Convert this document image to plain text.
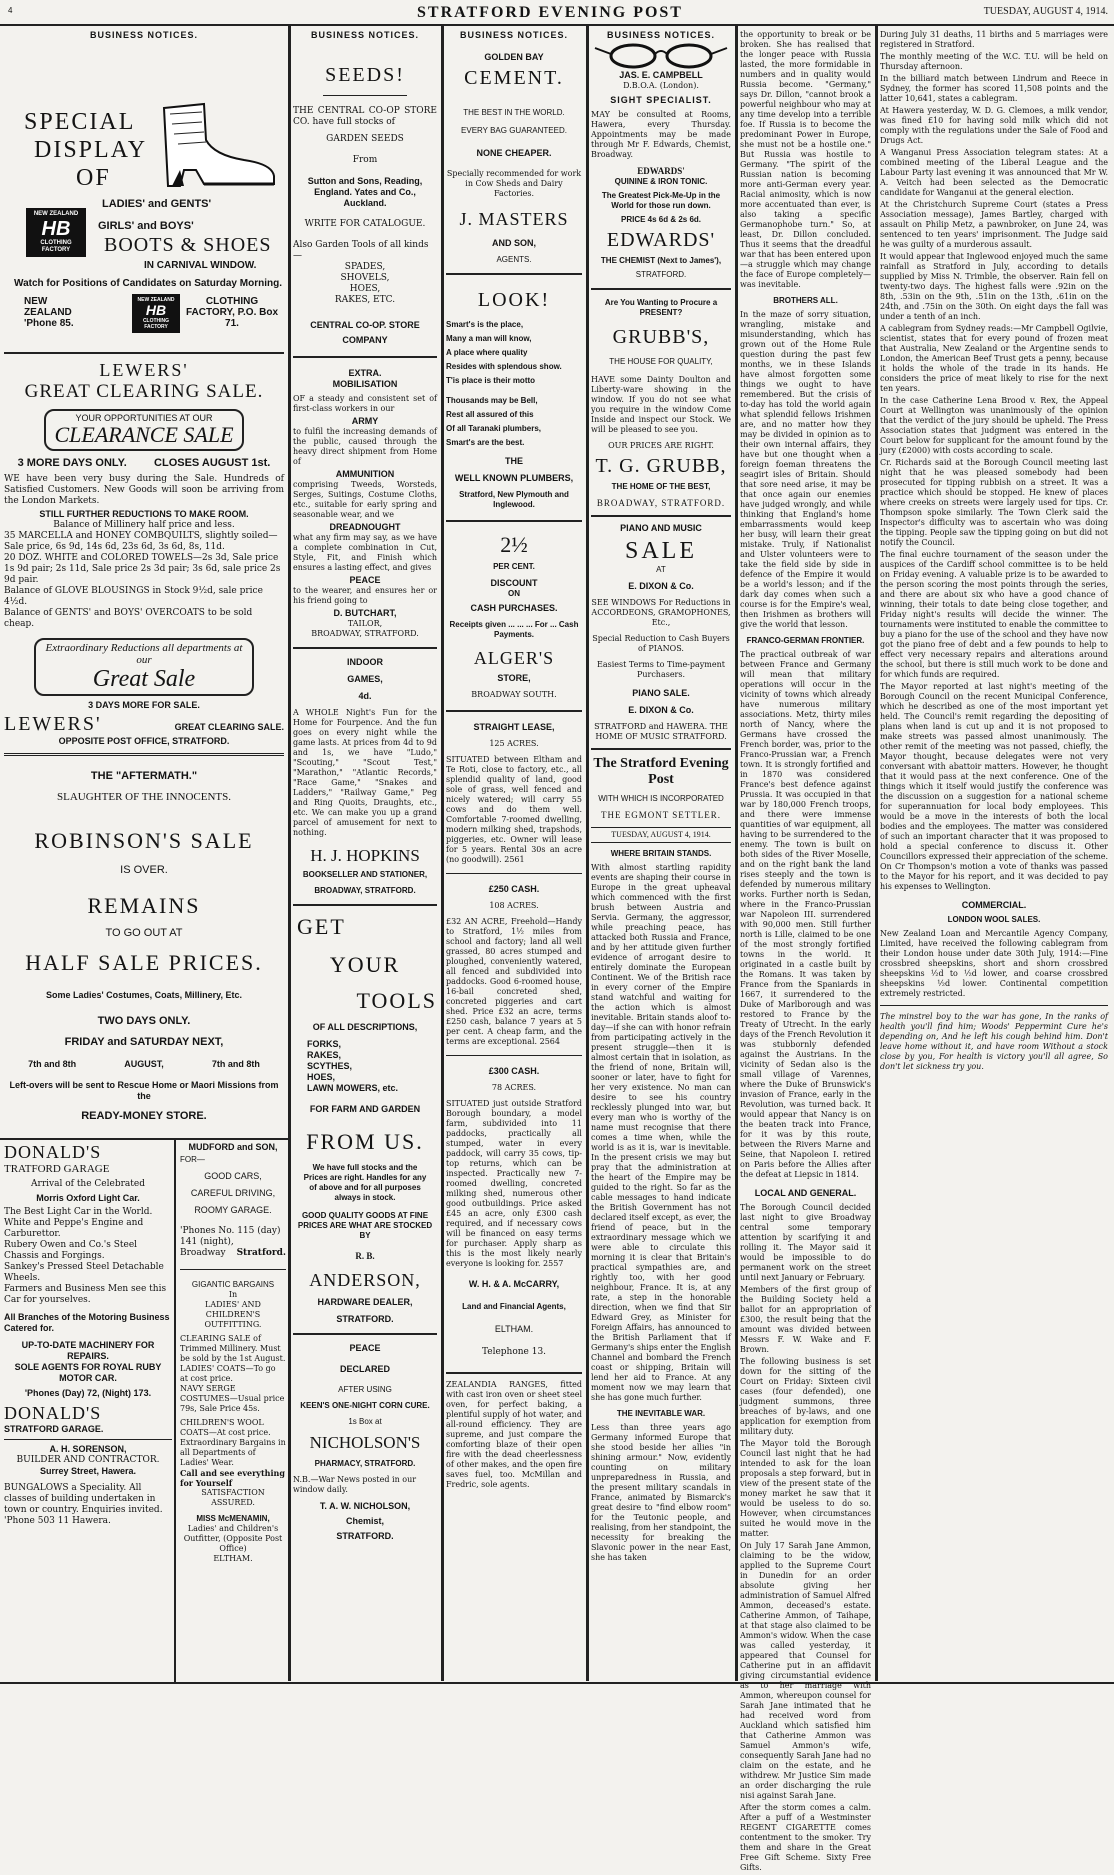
4	STRATFORD EVENING POST	TUESDAY, AUGUST 4, 1914.
BUSINESS NOTICES.
SPECIAL
DISPLAY
OF
LADIES' and GENTS'
NEW ZEALAND
HB
CLOTHING FACTORY
GIRLS' and BOYS'
BOOTS & SHOES
IN CARNIVAL WINDOW.
Watch for Positions of Candidates on Saturday Morning.
NEW ZEALAND 'Phone 85.
NEW ZEALAND
HB
CLOTHING FACTORY
CLOTHING FACTORY, P.O. Box 71.
LEWERS'
GREAT CLEARING SALE.
YOUR OPPORTUNITIES AT OUR
CLEARANCE SALE
3 MORE DAYS ONLY. CLOSES AUGUST 1st.

WE have been very busy during the Sale. Hundreds of Satisfied Customers. New Goods will soon be arriving from the London Markets.

STILL FURTHER REDUCTIONS TO MAKE ROOM.
Balance of Millinery half price and less.
35 MARCELLA and HONEY COMBQUILTS, slightly soiled—Sale price, 6s 9d, 14s 6d, 23s 6d, 3s 6d, 8s, 11d.
20 DOZ. WHITE and COLORED TOWELS—2s 3d, Sale price 1s 9d pair; 2s 11d, Sale price 2s 3d pair; 3s 6d, sale price 2s 9d pair.
Balance of GLOVE BLOUSINGS in Stock 9½d, sale price 4½d.
Balance of GENTS' and BOYS' OVERCOATS to be sold cheap.
Extraordinary Reductions all departments at our
Great Sale
3 DAYS MORE FOR SALE.
LEWERS'	GREAT CLEARING SALE.
OPPOSITE POST OFFICE, STRATFORD.
THE "AFTERMATH."
SLAUGHTER OF THE INNOCENTS.
ROBINSON'S SALE
IS OVER.
REMAINS
TO GO OUT AT
HALF SALE PRICES.
Some Ladies' Costumes, Coats, Millinery, Etc.
TWO DAYS ONLY.
FRIDAY and SATURDAY NEXT,
7th and 8th	AUGUST,	7th and 8th
Left-overs will be sent to Rescue Home or Maori Missions from the
READY-MONEY STORE.
DONALD'S
TRATFORD GARAGE
Arrival of the Celebrated
Morris Oxford Light Car.
The Best Light Car in the World.
White and Peppe's Engine and Carburettor.
Rubery Owen and Co.'s Steel Chassis and Forgings.
Sankey's Pressed Steel Detachable Wheels.
Farmers and Business Men see this Car for yourselves.
All Branches of the Motoring Business Catered for.
UP-TO-DATE MACHINERY FOR REPAIRS.
SOLE AGENTS FOR ROYAL RUBY MOTOR CAR.
'Phones (Day) 72, (Night) 173.
DONALD'S
STRATFORD GARAGE.
A. H. SORENSON,
BUILDER AND CONTRACTOR.
Surrey Street, Hawera.
BUNGALOWS a Speciality. All classes of building undertaken in town or country. Enquiries invited. 'Phone 503 11 Hawera.
MUDFORD and SON,
FOR—
GOOD CARS,
CAREFUL DRIVING,
ROOMY GARAGE.
'Phones No. 115 (day) 141 (night),
Broadway Stratford.
GIGANTIC BARGAINS
In
LADIES' AND CHILDREN'S OUTFITTING.
CLEARING SALE of Trimmed Millinery. Must be sold by the 1st August.
LADIES' COATS—To go at cost price.
NAVY SERGE COSTUMES—Usual price 79s, Sale Price 45s.
CHILDREN'S WOOL COATS—At cost price.
Extraordinary Bargains in all Departments of Ladies' Wear.
Call and see everything for Yourself
SATISFACTION ASSURED.
MISS McMENAMIN,
Ladies' and Children's Outfitter, (Opposite Post Office)
ELTHAM.
BUSINESS NOTICES.
SEEDS!

THE CENTRAL CO-OP STORE CO. have full stocks of

GARDEN SEEDS
From
Sutton and Sons, Reading, England. Yates and Co., Auckland.
WRITE FOR CATALOGUE.
Also Garden Tools of all kinds—
SPADES,
SHOVELS,
HOES,
RAKES, ETC.
CENTRAL CO-OP. STORE
COMPANY
EXTRA.
MOBILISATION

OF a steady and consistent set of first-class workers in our

ARMY

to fulfil the increasing demands of the public, caused through the heavy direct shipment from Home of

AMMUNITION

comprising Tweeds, Worsteds, Serges, Suitings, Costume Cloths, etc., suitable for early spring and seasonable wear, and we

DREADNOUGHT

what any firm may say, as we have a complete combination in Cut, Style, Fit, and Finish which ensures a lasting effect, and gives

PEACE

to the wearer, and ensures her or his friend going to

D. BUTCHART,
TAILOR,
BROADWAY, STRATFORD.
INDOOR
GAMES,
4d.

A WHOLE Night's Fun for the Home for Fourpence. And the fun goes on every night while the game lasts. At prices from 4d to 9d and 1s, we have "Ludo," "Scouting," "Scout Test," "Marathon," "Atlantic Records," "Race Game," "Snakes and Ladders," "Railway Game," Peg and Ring Quoits, Draughts, etc., etc. We can make you up a grand parcel of amusement for next to nothing.

H. J. HOPKINS
BOOKSELLER AND STATIONER,
BROADWAY, STRATFORD.
GET
YOUR
TOOLS
OF ALL DESCRIPTIONS,
FORKS,
RAKES,
SCYTHES,
HOES,
LAWN MOWERS, etc.
FOR FARM AND GARDEN
FROM US.
We have full stocks and the Prices are right. Handles for any of above and for all purposes always in stock.
GOOD QUALITY GOODS AT FINE PRICES ARE WHAT ARE STOCKED BY
R. B.
ANDERSON,
HARDWARE DEALER,
STRATFORD.
PEACE
DECLARED
AFTER USING
KEEN'S ONE-NIGHT CORN CURE.
1s Box at
NICHOLSON'S
PHARMACY, STRATFORD.
N.B.—War News posted in our window daily.
T. A. W. NICHOLSON,
Chemist,
STRATFORD.
BUSINESS NOTICES.
GOLDEN BAY
CEMENT.
THE BEST IN THE WORLD.
EVERY BAG GUARANTEED.
NONE CHEAPER.
Specially recommended for work in Cow Sheds and Dairy Factories.
J. MASTERS
AND SON,
AGENTS.
LOOK!
Smart's is the place,
Many a man will know,
A place where quality
Resides with splendous show.
T'is place is their motto
Thousands may be Bell,
Rest all assured of this
Of all Taranaki plumbers,
Smart's are the best.
THE
WELL KNOWN PLUMBERS,
Stratford, New Plymouth and Inglewood.
2½
PER CENT.
DISCOUNT
ON
CASH PURCHASES.
Receipts given ... ... ... For ... Cash Payments.
ALGER'S
STORE,
BROADWAY SOUTH.
STRAIGHT LEASE,
125 ACRES.

SITUATED between Eltham and Te Roti, close to factory, etc., all splendid quality of land, good sole of grass, well fenced and nicely watered; will carry 55 cows and do them well. Comfortable 7-roomed dwelling, modern milking shed, trapshods, piggeries, etc. Owner will lease for 5 years. Rental 30s an acre (no goodwill). 2561

£250 CASH.
108 ACRES.

£32 AN ACRE, Freehold—Handy to Stratford, 1½ miles from school and factory; land all well grassed, 80 acres stumped and ploughed, conveniently watered, all fenced and subdivided into paddocks. Good 6-roomed house, 16-bail concreted shed, concreted piggeries and cart shed. Price £32 an acre, terms £250 cash, balance 7 years at 5 per cent. A cheap farm, and the terms are exceptional. 2564

£300 CASH.
78 ACRES.

SITUATED just outside Stratford Borough boundary, a model farm, subdivided into 11 paddocks, practically all stumped, water in every paddock, will carry 35 cows, tip-top returns, which can be inspected. Practically new 7-roomed dwelling, concreted milking shed, numerous other good outbuildings. Price asked £45 an acre, only £300 cash required, and if necessary cows will be financed on easy terms for purchaser. Apply sharp as this is the most likely nearly everyone is looking for. 2557

W. H. & A. McCARRY,
Land and Financial Agents,
ELTHAM.
Telephone 13.

ZEALANDIA RANGES, fitted with cast iron oven or sheet steel oven, for perfect baking, a plentiful supply of hot water, and all-round efficiency. They are supreme, and just compare the comforting blaze of their open fire with the dead cheerlessness of other makes, and the open fire saves fuel, too. McMillan and Fredric, sole agents.

BUSINESS NOTICES.
JAS. E. CAMPBELL
D.B.O.A. (London).
SIGHT SPECIALIST.

MAY be consulted at Rooms, Hawera, every Thursday. Appointments may be made through Mr F. Edwards, Chemist, Broadway.

EDWARDS'
QUININE & IRON TONIC.
The Greatest Pick-Me-Up in the World for those run down.
PRICE 4s 6d & 2s 6d.
EDWARDS'
THE CHEMIST (Next to James'),
STRATFORD.
Are You Wanting to Procure a PRESENT?
GRUBB'S,
THE HOUSE FOR QUALITY,

HAVE some Dainty Doulton and Liberty-ware showing in the window. If you do not see what you require in the window Come Inside and inspect our Stock. We will be pleased to see you.

OUR PRICES ARE RIGHT.
T. G. GRUBB,
THE HOME OF THE BEST,
BROADWAY, STRATFORD.
PIANO AND MUSIC
SALE
AT
E. DIXON & Co.
SEE WINDOWS For Reductions in ACCORDEONS, GRAMOPHONES, Etc.,
Special Reduction to Cash Buyers of PIANOS.
Easiest Terms to Time-payment Purchasers.
PIANO SALE.
E. DIXON & Co.
STRATFORD and HAWERA. THE HOME OF MUSIC STRATFORD.
The Stratford Evening Post
WITH WHICH IS INCORPORATED
THE EGMONT SETTLER.
TUESDAY, AUGUST 4, 1914.
WHERE BRITAIN STANDS.

With almost startling rapidity events are shaping their course in Europe in the great upheaval which commenced with the first brush between Austria and Servia. Germany, the aggressor, while preaching peace, has attacked both Russia and France, and by her attitude given further evidence of arrogant desire to entirely dominate the European Continent. We of the British race in every corner of the Empire stand watchful and waiting for the action which is almost inevitable. Britain stands aloof to-day—if she can with honor refrain from participating actively in the present struggle—then it is almost certain that in isolation, as the friend of none, Britain will, sooner or later, have to fight for her very existence. No man can desire to see his country recklessly plunged into war, but every man who is worthy of the name must recognise that there comes a time when, while the world is as it is, war is inevitable. In the present crisis we may but pray that the administration at the heart of the Empire may be guided to the right. So far as the cable messages to hand indicate the British Government has not declared itself except, as ever, the friend of peace, but in the extraordinary message which we were able to circulate this morning it is clear that Britain's practical sympathies are, and rightly too, with her good neighbour, France. It is, at any rate, a step in the honorable direction, when we find that Sir Edward Grey, as Minister for Foreign Affairs, has announced to the British Parliament that if Germany's ships enter the English Channel and bombard the French coast or shipping, Britain will lend her aid to France. At any moment now we may learn that she has gone much further.

THE INEVITABLE WAR.

Less than three years ago Germany informed Europe that she stood beside her allies "in shining armour." Now, evidently counting on military unpreparedness in Russia, and the present military scandals in France, animated by Bismarck's great desire to "find elbow room" for the Teutonic people, and realising, from her standpoint, the necessity for breaking the Slavonic power in the near East, she has taken

the opportunity to break or be broken. She has realised that the longer peace with Russia lasted, the more formidable in numbers and in quality would Russia become. "Germany," says Dr. Dillon, "cannot brook a powerful neighbour who may at any time develop into a terrible foe. If Russia is to become the predominant Power in Europe, she must not be a hostile one." But Russia was hostile to Germany. "The spirit of the Russian nation is becoming more anti-German every year. Racial animosity, which is now more accentuated than ever, is also taking a specific Germanophobe turn." So, at least, Dr. Dillon concluded. Thus it seems that the dreadful war that has been entered upon—a struggle which may change the face of Europe completely—was inevitable.

BROTHERS ALL.

In the maze of sorry situation, wrangling, mistake and misunderstanding, which has grown out of the Home Rule question during the past few months, we in these Islands have almost forgotten some things we ought to have remembered. But the crisis of to-day has told the world again what splendid fellows Irishmen are, and no matter how they may be divided in opinion as to their own internal affairs, they have but one thought when a foreign foeman threatens the seagirt isles of Britain. Should that sore need arise, it may be that once again our enemies have judged wrongly, and while thinking that England's home embarrassments would keep her busy, will learn their great mistake. Truly, if Nationalist and Ulster volunteers were to take the field side by side in defence of the Empire it would be a world's lesson; and if the dark day comes when such a course is for the Empire's weal, then Irishmen as brothers will give the world that lesson.

FRANCO-GERMAN FRONTIER.

The practical outbreak of war between France and Germany will mean that military operations will occur in the vicinity of towns which already have numerous military associations. Metz, thirty miles north of Nancy, where the Germans have crossed the French border, was, prior to the Franco-Prussian war, a French town. It is strongly fortified and in 1870 was considered France's best defence against Prussia. It was occupied in that war by 180,000 French troops, and there were immense quantities of war equipment, all having to be surrendered to the enemy. The town is built on both sides of the River Moselle, and on the right bank the land rises steeply and the town is defended by numerous military works. Further north is Sedan, where in the Franco-Prussian war Napoleon III. surrendered with 90,000 men. Still further north is Lille, claimed to be one of the most strongly fortified towns in the world. It originated in a castle built by the Romans. It was taken by France from the Spaniards in 1667, it surrendered to the Duke of Marlborough and was restored to France by the Treaty of Utrecht. In the early days of the French Revolution it was stubbornly defended against the Austrians. In the vicinity of Sedan also is the small village of Varennes, where the Duke of Brunswick's invasion of France, early in the Revolution, was turned back. It would appear that Nancy is on the beaten track into France, for it was by this route, between the Rivers Marne and Seine, that Napoleon I. retired on Paris before the Allies after the defeat at Liepsic in 1814.

LOCAL AND GENERAL.

The Borough Council decided last night to give Broadway central some temporary attention by scarifying it and rolling it. The Mayor said it would be impossible to do permanent work on the street until next January or February.

Members of the first group of the Building Society held a ballot for an appropriation of £300, the result being that the amount was divided between Messrs F. W. Wake and F. Brown.

The following business is set down for the sitting of the Court on Friday: Sixteen civil cases (four defended), one judgment summons, three breaches of by-laws, and one application for exemption from military duty.

The Mayor told the Borough Council last night that he had intended to ask for the loan proposals a step forward, but in view of the present state of the money market he saw that it would be useless to do so. However, when circumstances suited he would move in the matter.

On July 17 Sarah Jane Ammon, claiming to be the widow, applied to the Supreme Court in Dunedin for an order absolute giving her administration of Samuel Alfred Ammon, deceased's estate. Catherine Ammon, of Taihape, at that stage also claimed to be Ammon's widow. When the case was called yesterday, it appeared that Counsel for Catherine put in an affidavit giving circumstantial evidence as to her marriage with Ammon, whereupon counsel for Sarah Jane intimated that he had received word from Auckland which satisfied him that Catherine Ammon was Samuel Ammon's wife, consequently Sarah Jane had no claim on the estate, and he withdrew. Mr Justice Sim made an order discharging the rule nisi against Sarah Jane.

After the storm comes a calm. After a puff of a Westminster REGENT CIGARETTE comes contentment to the smoker. Try them and share in the Great Free Gift Scheme. Sixty Free Gifts.

During July 31 deaths, 11 births and 5 marriages were registered in Stratford.

The monthly meeting of the W.C. T.U. will be held on Thursday afternoon.

In the billiard match between Lindrum and Reece in Sydney, the former has scored 11,508 points and the latter 10,641, states a cablegram.

At Hawera yesterday, W. D. G. Clemoes, a milk vendor, was fined £10 for having sold milk which did not comply with the regulations under the Sale of Food and Drugs Act.

A Wanganui Press Association telegram states: At a combined meeting of the Liberal League and the Labour Party last evening it was announced that Mr W. A. Veitch had been selected as the Democratic candidate for Wanganui at the general election.

At the Christchurch Supreme Court (states a Press Association message), James Bartley, charged with assault on Philip Metz, a pawnbroker, on June 24, was sentenced to ten years' imprisonment. The Judge said he was guilty of a murderous assault.

It would appear that Inglewood enjoyed much the same rainfall as Stratford in July, according to details supplied by Miss N. Trimble, the observer. Rain fell on twenty-two days. The highest falls were .92in on the 8th, .53in on the 9th, .51in on the 13th, .61in on the 24th, and .75in on the 30th. On eight days the fall was under a tenth of an inch.

A cablegram from Sydney reads:—Mr Campbell Ogilvie, scientist, states that for every pound of frozen meat that Australia, New Zealand or the Argentine sends to London, the American Beef Trust gets a penny, because it holds the whole of the trade in its hands. He considers the price of meat likely to rise for the next ten years.

In the case Catherine Lena Brood v. Rex, the Appeal Court at Wellington was unanimously of the opinion that the verdict of the jury should be upheld. The Press Association states that judgment was entered in the Court below for supplicant for the amount found by the jury (£2000) with costs according to scale.

Cr. Richards said at the Borough Council meeting last night that he was pleased somebody had been prosecuted for tipping rubbish on a street. It was a practice which should be stopped. He knew of places where creeks on streets were largely used for tips. Cr. Thompson spoke similarly. The Town Clerk said the Inspector's difficulty was to ascertain who was doing the tipping. People saw the tipping going on but did not notify the Council.

The final euchre tournament of the season under the auspices of the Cardiff school committee is to be held on Friday evening. A valuable prize is to be awarded to the person scoring the most points through the series, and there are about six who have a good chance of winning, their totals to date being close together, and Friday night's results will decide the winner. The tournaments were instituted to enable the committee to buy a piano for the use of the school and they have now got the piano free of debt and a few pounds to help to effect very necessary repairs and alterations around the school, but there is still much work to be done and for which funds are required.

The Mayor reported at last night's meeting of the Borough Council on the recent Municipal Conference, which he described as one of the most important yet held. The Council's remit regarding the depositing of plans when land is cut up and it is not proposed to make streets was passed almost unanimously. The other remit of the meeting was not passed, chiefly, the Mayor thought, because delegates were not very conversant with abattoir matters. However, he thought that it would pass at the next conference. One of the things which it itself would justify the conference was the discussion on a suggestion for a national scheme for superannuation for local body employees. This would be a move in the interests of both the local bodies and the employees. The matter was considered of such an important character that it was proposed to hold a special conference to discuss it. Other Councillors expressed their appreciation of the scheme. On Cr Thompson's motion a vote of thanks was passed to the Mayor for his report, and it was decided to pay his expenses to Wellington.

COMMERCIAL.
LONDON WOOL SALES.

New Zealand Loan and Mercantile Agency Company, Limited, have received the following cablegram from their London house under date 30th July, 1914:—Fine crossbred sheepskins, short and shorn crossbred sheepskins ½d to ½d lower, and coarse crossbred sheepskins ½d lower. Continental competition extremely restricted.

The minstrel boy to the war has gone, In the ranks of health you'll find him; Woods' Peppermint Cure he's depending on, And he left his cough behind him. Don't leave home without it, and have room Without a stock close by you, For health is victory you'll all agree, So don't let sickness try you.
